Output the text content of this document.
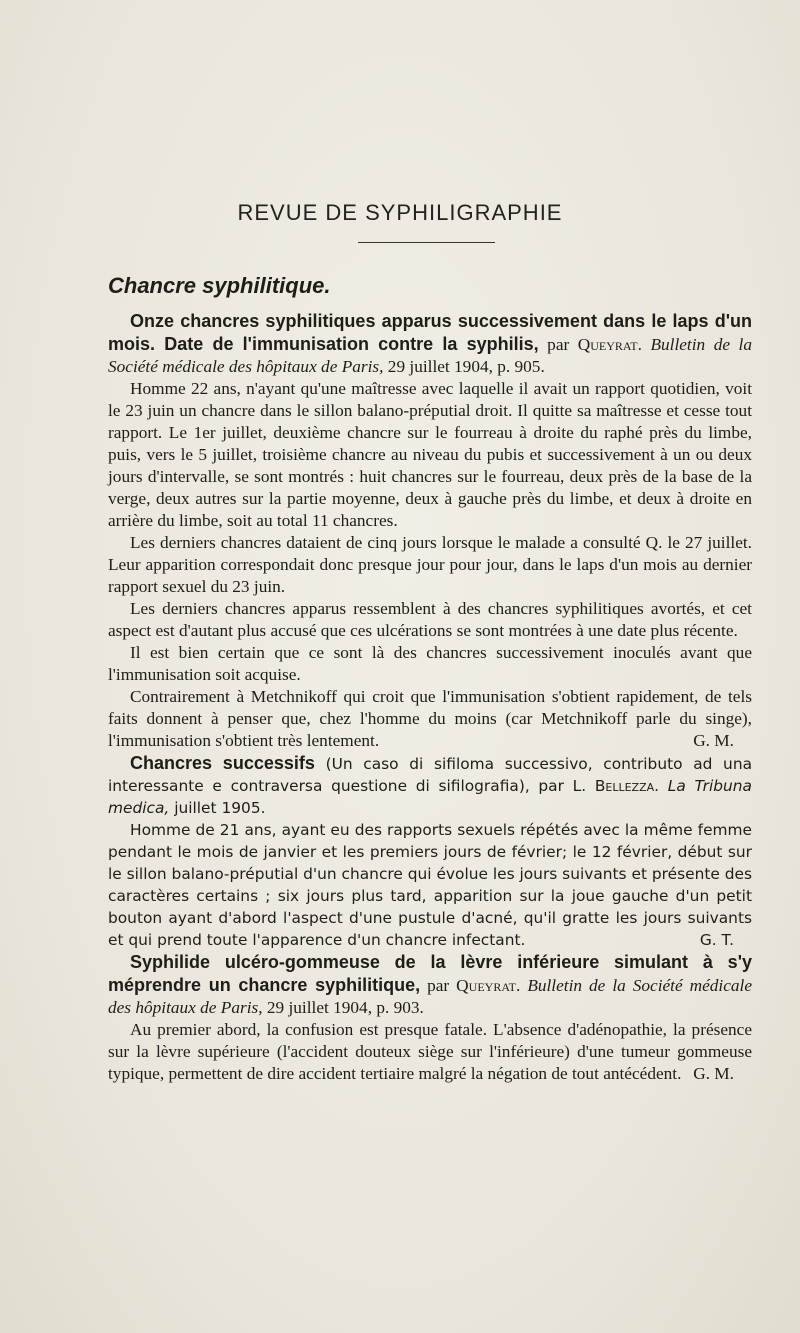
REVUE DE SYPHILIGRAPHIE
Chancre syphilitique.

Onze chancres syphilitiques apparus successivement dans le laps d'un mois. Date de l'immunisation contre la syphilis, par Queyrat. Bulletin de la Société médicale des hôpitaux de Paris, 29 juillet 1904, p. 905.

Homme 22 ans, n'ayant qu'une maîtresse avec laquelle il avait un rapport quotidien, voit le 23 juin un chancre dans le sillon balano-préputial droit. Il quitte sa maîtresse et cesse tout rapport. Le 1er juillet, deuxième chancre sur le fourreau à droite du raphé près du limbe, puis, vers le 5 juillet, troisième chancre au niveau du pubis et successivement à un ou deux jours d'intervalle, se sont montrés : huit chancres sur le fourreau, deux près de la base de la verge, deux autres sur la partie moyenne, deux à gauche près du limbe, et deux à droite en arrière du limbe, soit au total 11 chancres.

Les derniers chancres dataient de cinq jours lorsque le malade a consulté Q. le 27 juillet. Leur apparition correspondait donc presque jour pour jour, dans le laps d'un mois au dernier rapport sexuel du 23 juin.

Les derniers chancres apparus ressemblent à des chancres syphilitiques avortés, et cet aspect est d'autant plus accusé que ces ulcérations se sont montrées à une date plus récente.

Il est bien certain que ce sont là des chancres successivement inoculés avant que l'immunisation soit acquise.

Contrairement à Metchnikoff qui croit que l'immunisation s'obtient rapidement, de tels faits donnent à penser que, chez l'homme du moins (car Metchnikoff parle du singe), l'immunisation s'obtient très lentement.	G. M.

Chancres successifs (Un caso di sifiloma successivo, contributo ad una interessante e contraversa questione di sifilografia), par L. Bellezza. La Tribuna medica, juillet 1905.

Homme de 21 ans, ayant eu des rapports sexuels répétés avec la même femme pendant le mois de janvier et les premiers jours de février; le 12 février, début sur le sillon balano-préputial d'un chancre qui évolue les jours suivants et présente des caractères certains ; six jours plus tard, apparition sur la joue gauche d'un petit bouton ayant d'abord l'aspect d'une pustule d'acné, qu'il gratte les jours suivants et qui prend toute l'apparence d'un chancre infectant.	G. T.

Syphilide ulcéro-gommeuse de la lèvre inférieure simulant à s'y méprendre un chancre syphilitique, par Queyrat. Bulletin de la Société médicale des hôpitaux de Paris, 29 juillet 1904, p. 903.

Au premier abord, la confusion est presque fatale. L'absence d'adénopathie, la présence sur la lèvre supérieure (l'accident douteux siège sur l'inférieure) d'une tumeur gommeuse typique, permettent de dire accident tertiaire malgré la négation de tout antécédent. G. M.
